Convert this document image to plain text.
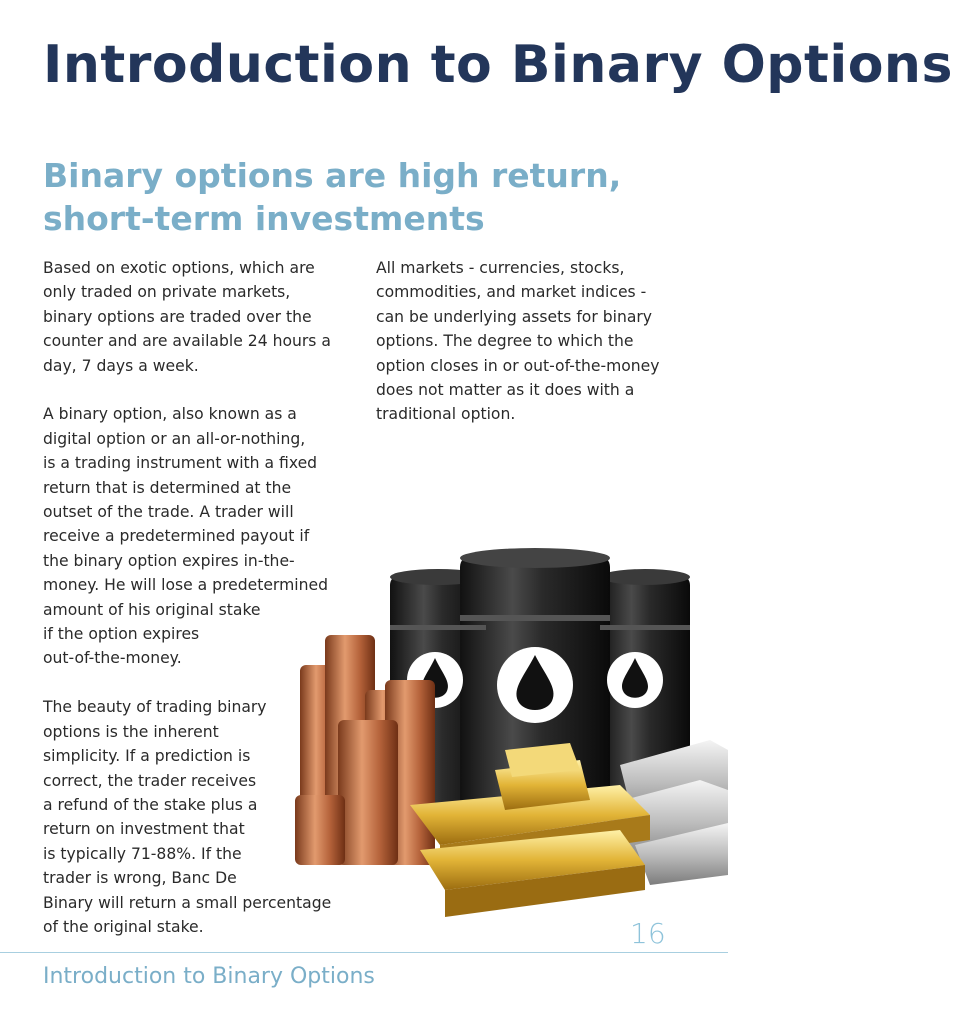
Introduction to Binary Options
Binary options are high return,
short-term investments

Based on exotic options, which are

only traded on private markets,

binary options are traded over the

counter and are available 24 hours a

day, 7 days a week.

A binary option, also known as a

digital option or an all-or-nothing,

is a trading instrument with a fixed

return that is determined at the

outset of the trade. A trader will

receive a predetermined payout if

the binary option expires in-the-

money. He will lose a predetermined

amount of his original stake

if the option expires

out-of-the-money.

The beauty of trading binary

options is the inherent

simplicity. If a prediction is

correct, the trader receives

a refund of the stake plus a

return on investment that

is typically 71-88%. If the

trader is wrong, Banc De

Binary will return a small percentage

of the original stake.

All markets - currencies, stocks,

commodities, and market indices -

can be underlying assets for binary

options. The degree to which the

option closes in or out-of-the-money

does not matter as it does with a

traditional option.

16
Introduction to Binary Options
